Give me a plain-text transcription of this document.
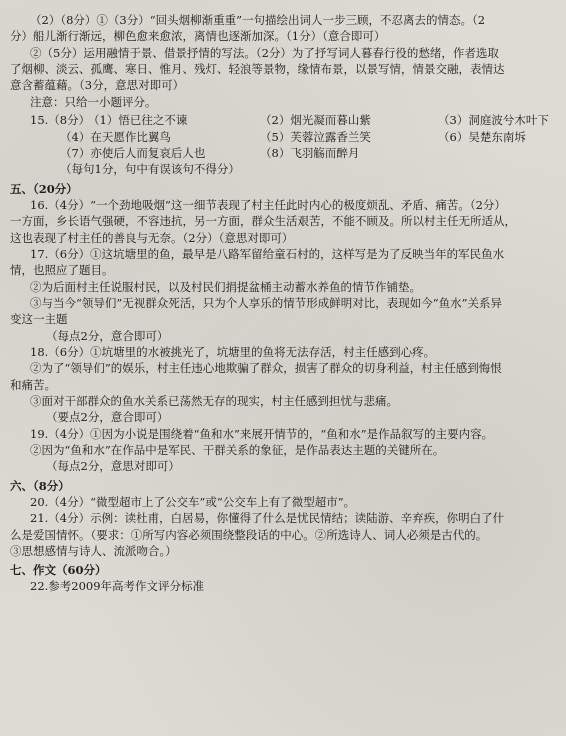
（2）（8分）①（3分）“回头烟柳渐重重”一句描绘出词人一步三顾，不忍离去的情态。（2
分）船儿渐行渐远，柳色愈来愈浓，离情也逐渐加深。（1分）（意合即可）
②（5分）运用融情于景、借景抒情的写法。（2分）为了抒写词人暮春行役的愁绪，作者选取
了烟柳、淡云、孤鹰、寒日、惟月、残灯、轻浪等景物，缘情布景，以景写情，情景交融，表情达
意含蓄蕴藉。（3分，意思对即可）
注意：只给一小题评分。
15.（8分）
（1）悟已往之不谏	（2）烟光凝而暮山紫	（3）洞庭波兮木叶下
（4）在天愿作比翼鸟	（5）芙蓉泣露香兰笑	（6）吴楚东南坼
（7）亦使后人而复哀后人也	（8）飞羽觞而醉月
（每句1分，句中有误该句不得分）
五、（20分）
16.（4分）“一个劲地吸烟”这一细节表现了村主任此时内心的极度烦乱、矛盾、痛苦。（2分）
一方面，乡长语气强硬，不容违抗，另一方面，群众生活艰苦，不能不顾及。所以村主任无所适从，
这也表现了村主任的善良与无奈。（2分）（意思对即可）
17.（6分）①这坑塘里的鱼，最早是八路军留给童石村的，这样写是为了反映当年的军民鱼水
情，也照应了题目。
②为后面村主任说服村民，以及村民们捐提盆桶主动蓄水养鱼的情节作铺垫。
③与当今“领导们”无视群众死活，只为个人享乐的情节形成鲜明对比，表现如今“鱼水”关系异
变这一主题
（每点2分，意合即可）
18.（6分）①坑塘里的水被挑光了，坑塘里的鱼将无法存活，村主任感到心疼。
②为了“领导们”的娱乐，村主任违心地欺骗了群众，损害了群众的切身利益，村主任感到悔恨
和痛苦。
③面对干部群众的鱼水关系已荡然无存的现实，村主任感到担忧与悲痛。
（要点2分，意合即可）
19.（4分）①因为小说是围绕着“鱼和水”来展开情节的，“鱼和水”是作品叙写的主要内容。
②因为“鱼和水”在作品中是军民、干群关系的象征，是作品表达主题的关键所在。
（每点2分，意思对即可）
六、（8分）
20.（4分）“微型超市上了公交车”或“公交车上有了微型超市”。
21.（4分）示例：读杜甫，白居易，你懂得了什么是忧民情结；读陆游、辛弃疾，你明白了什
么是爱国情怀。（要求：①所写内容必须围绕整段话的中心。②所选诗人、词人必须是古代的。
③思想感情与诗人、流派吻合。）
七、作文（60分）
22.参考2009年高考作文评分标准
